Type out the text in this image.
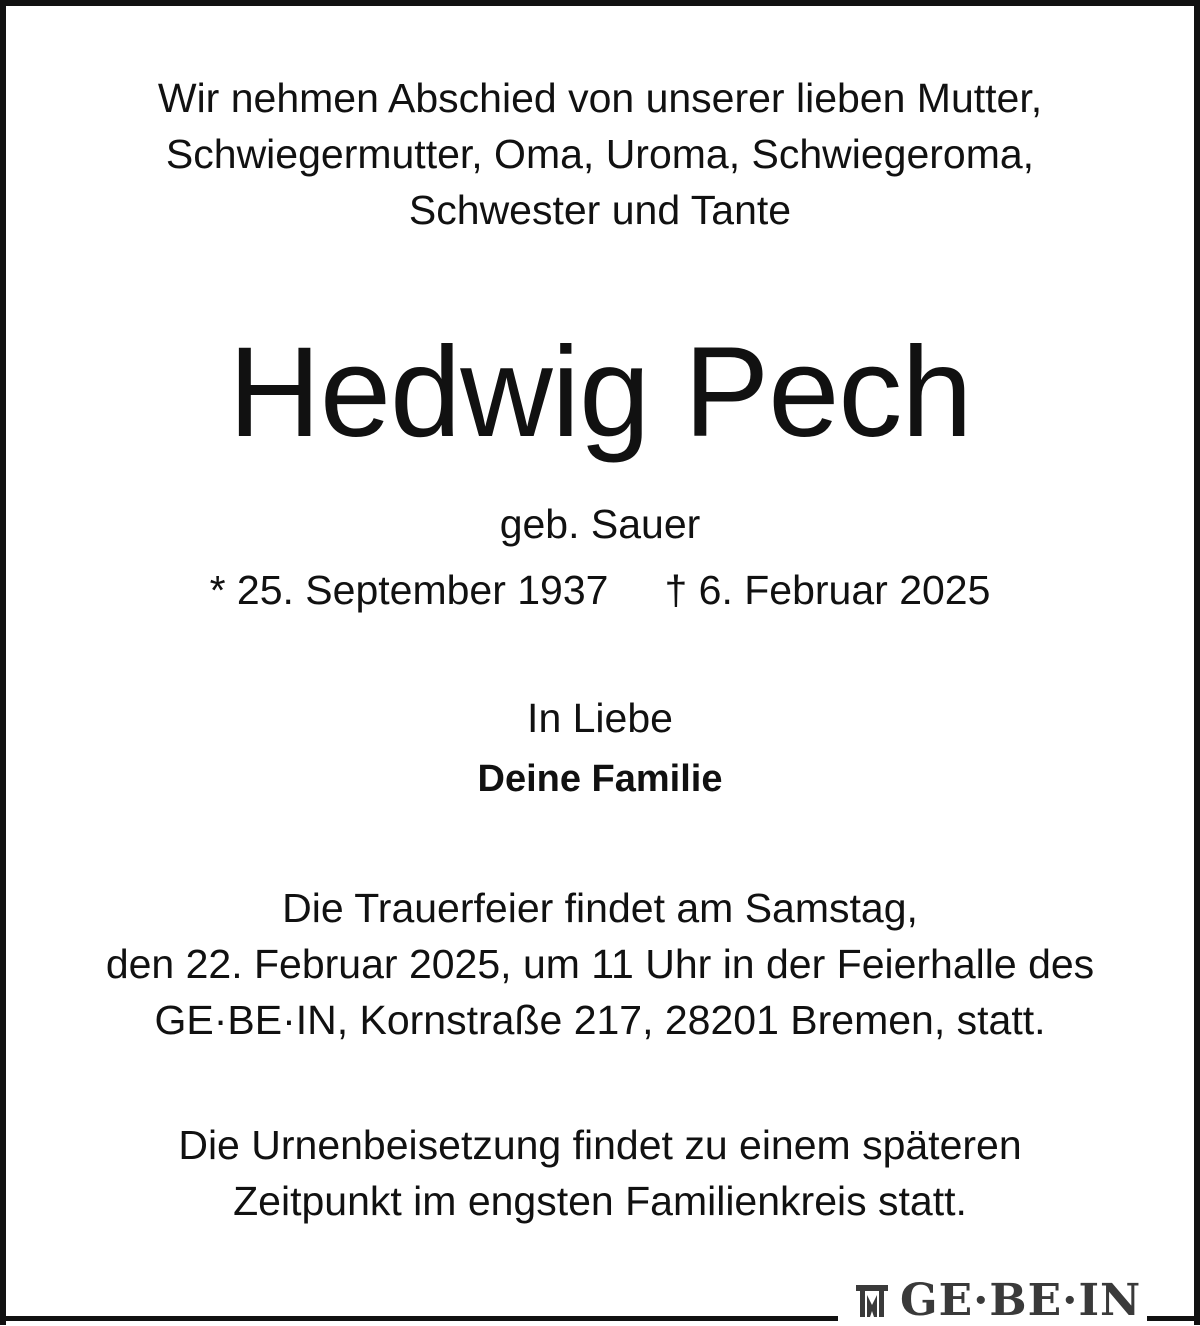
Wir nehmen Abschied von unserer lieben Mutter,
Schwiegermutter, Oma, Uroma, Schwiegeroma,
Schwester und Tante
Hedwig Pech
geb. Sauer
* 25. September 1937 † 6. Februar 2025
In Liebe
Deine Familie
Die Trauerfeier findet am Samstag,
den 22. Februar 2025, um 11 Uhr in der Feierhalle des
GE·BE·IN, Kornstraße 217, 28201 Bremen, statt.
Die Urnenbeisetzung findet zu einem späteren
Zeitpunkt im engsten Familienkreis statt.
GE·BE·IN
